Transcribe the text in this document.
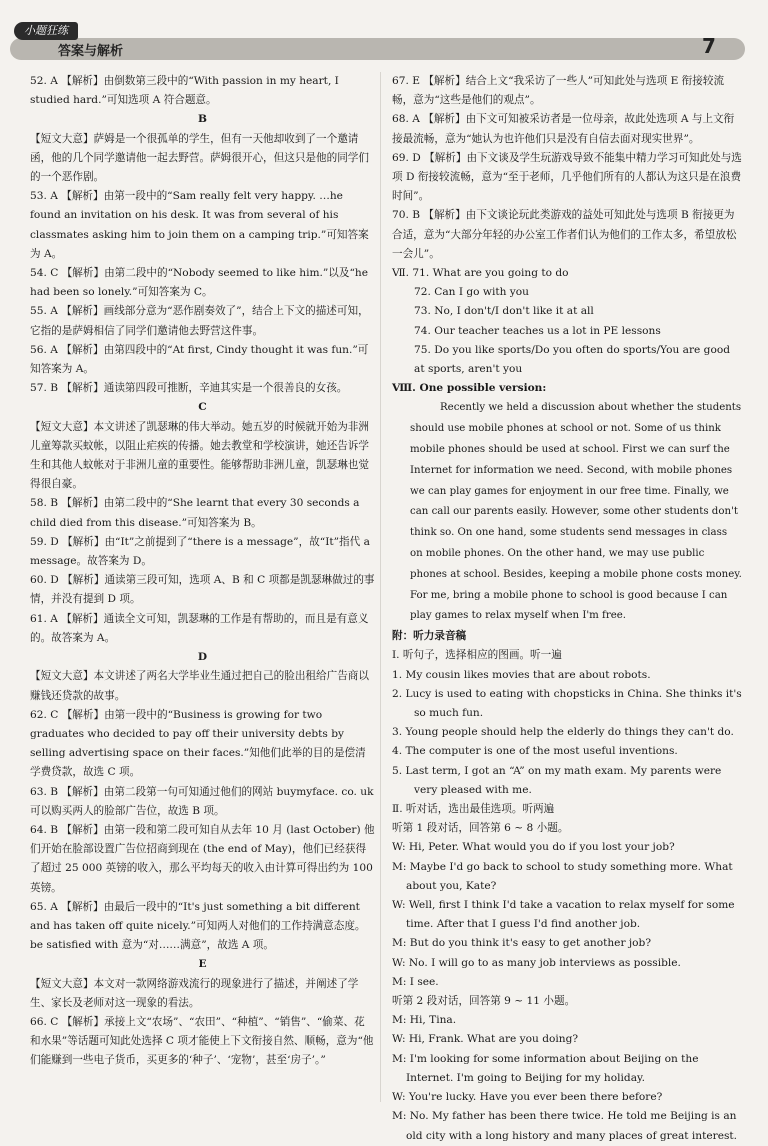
小题狂练
答案与解析	7

52. A 【解析】由倒数第三段中的“With passion in my heart, I studied hard.”可知选项 A 符合题意。

B

【短文大意】萨姆是一个很孤单的学生，但有一天他却收到了一个邀请函，他的几个同学邀请他一起去野营。萨姆很开心，但这只是他的同学们的一个恶作剧。

53. A 【解析】由第一段中的“Sam really felt very happy. …he found an invitation on his desk. It was from several of his classmates asking him to join them on a camping trip.”可知答案为 A。

54. C 【解析】由第二段中的“Nobody seemed to like him.”以及“he had been so lonely.”可知答案为 C。

55. A 【解析】画线部分意为“恶作剧奏效了”，结合上下文的描述可知，它指的是萨姆相信了同学们邀请他去野营这件事。

56. A 【解析】由第四段中的“At first, Cindy thought it was fun.”可知答案为 A。

57. B 【解析】通读第四段可推断，辛迪其实是一个很善良的女孩。

C

【短文大意】本文讲述了凯瑟琳的伟大举动。她五岁的时候就开始为非洲儿童筹款买蚊帐，以阻止疟疾的传播。她去教堂和学校演讲，她还告诉学生和其他人蚊帐对于非洲儿童的重要性。能够帮助非洲儿童，凯瑟琳也觉得很自豪。

58. B 【解析】由第二段中的“She learnt that every 30 seconds a child died from this disease.”可知答案为 B。

59. D 【解析】由“It”之前提到了“there is a message”，故“It”指代 a message。故答案为 D。

60. D 【解析】通读第三段可知，选项 A、B 和 C 项都是凯瑟琳做过的事情，并没有提到 D 项。

61. A 【解析】通读全文可知，凯瑟琳的工作是有帮助的，而且是有意义的。故答案为 A。

D

【短文大意】本文讲述了两名大学毕业生通过把自己的脸出租给广告商以赚钱还贷款的故事。

62. C 【解析】由第一段中的“Business is growing for two graduates who decided to pay off their university debts by selling advertising space on their faces.”知他们此举的目的是偿清学费贷款，故选 C 项。

63. B 【解析】由第二段第一句可知通过他们的网站 buymyface. co. uk 可以购买两人的脸部广告位，故选 B 项。

64. B 【解析】由第一段和第二段可知自从去年 10 月 (last October) 他们开始在脸部设置广告位招商到现在 (the end of May)，他们已经获得了超过 25 000 英镑的收入，那么平均每天的收入由计算可得出约为 100 英镑。

65. A 【解析】由最后一段中的“It's just something a bit different and has taken off quite nicely.”可知两人对他们的工作持满意态度。be satisfied with 意为“对……满意”，故选 A 项。

E

【短文大意】本文对一款网络游戏流行的现象进行了描述，并阐述了学生、家长及老师对这一现象的看法。

66. C 【解析】承接上文“农场”、“农田”、“种植”、“销售”、“偷菜、花和水果”等话题可知此处选择 C 项才能使上下文衔接自然、顺畅，意为“他们能赚到一些电子货币，买更多的‘种子’、‘宠物’，甚至‘房子’。”

67. E 【解析】结合上文“我采访了一些人”可知此处与选项 E 衔接较流畅，意为“这些是他们的观点”。

68. A 【解析】由下文可知被采访者是一位母亲，故此处选项 A 与上文衔接最流畅，意为“她认为也许他们只是没有自信去面对现实世界”。

69. D 【解析】由下文谈及学生玩游戏导致不能集中精力学习可知此处与选项 D 衔接较流畅，意为“至于老师，几乎他们所有的人都认为这只是在浪费时间”。

70. B 【解析】由下文谈论玩此类游戏的益处可知此处与选项 B 衔接更为合适，意为“大部分年轻的办公室工作者们认为他们的工作太多，希望放松一会儿”。

Ⅶ. 71. What are you going to do

72. Can I go with you

73. No, I don't/I don't like it at all

74. Our teacher teaches us a lot in PE lessons

75. Do you like sports/Do you often do sports/You are good at sports, aren't you

Ⅷ. One possible version:

Recently we held a discussion about whether the students should use mobile phones at school or not. Some of us think mobile phones should be used at school. First we can surf the Internet for information we need. Second, with mobile phones we can play games for enjoyment in our free time. Finally, we can call our parents easily. However, some other students don't think so. On one hand, some students send messages in class on mobile phones. On the other hand, we may use public phones at school. Besides, keeping a mobile phone costs money. For me, bring a mobile phone to school is good because I can play games to relax myself when I'm free.

附：听力录音稿

Ⅰ. 听句子，选择相应的图画。听一遍

1. My cousin likes movies that are about robots.

2. Lucy is used to eating with chopsticks in China. She thinks it's so much fun.

3. Young people should help the elderly do things they can't do.

4. The computer is one of the most useful inventions.

5. Last term, I got an “A” on my math exam. My parents were very pleased with me.

Ⅱ. 听对话，选出最佳选项。听两遍

听第 1 段对话，回答第 6 ~ 8 小题。

W: Hi, Peter. What would you do if you lost your job?

M: Maybe I'd go back to school to study something more. What about you, Kate?

W: Well, first I think I'd take a vacation to relax myself for some time. After that I guess I'd find another job.

M: But do you think it's easy to get another job?

W: No. I will go to as many job interviews as possible.

M: I see.

听第 2 段对话，回答第 9 ~ 11 小题。

M: Hi, Tina.

W: Hi, Frank. What are you doing?

M: I'm looking for some information about Beijing on the Internet. I'm going to Beijing for my holiday.

W: You're lucky. Have you ever been there before?

M: No. My father has been there twice. He told me Beijing is an old city with a long history and many places of great interest.
